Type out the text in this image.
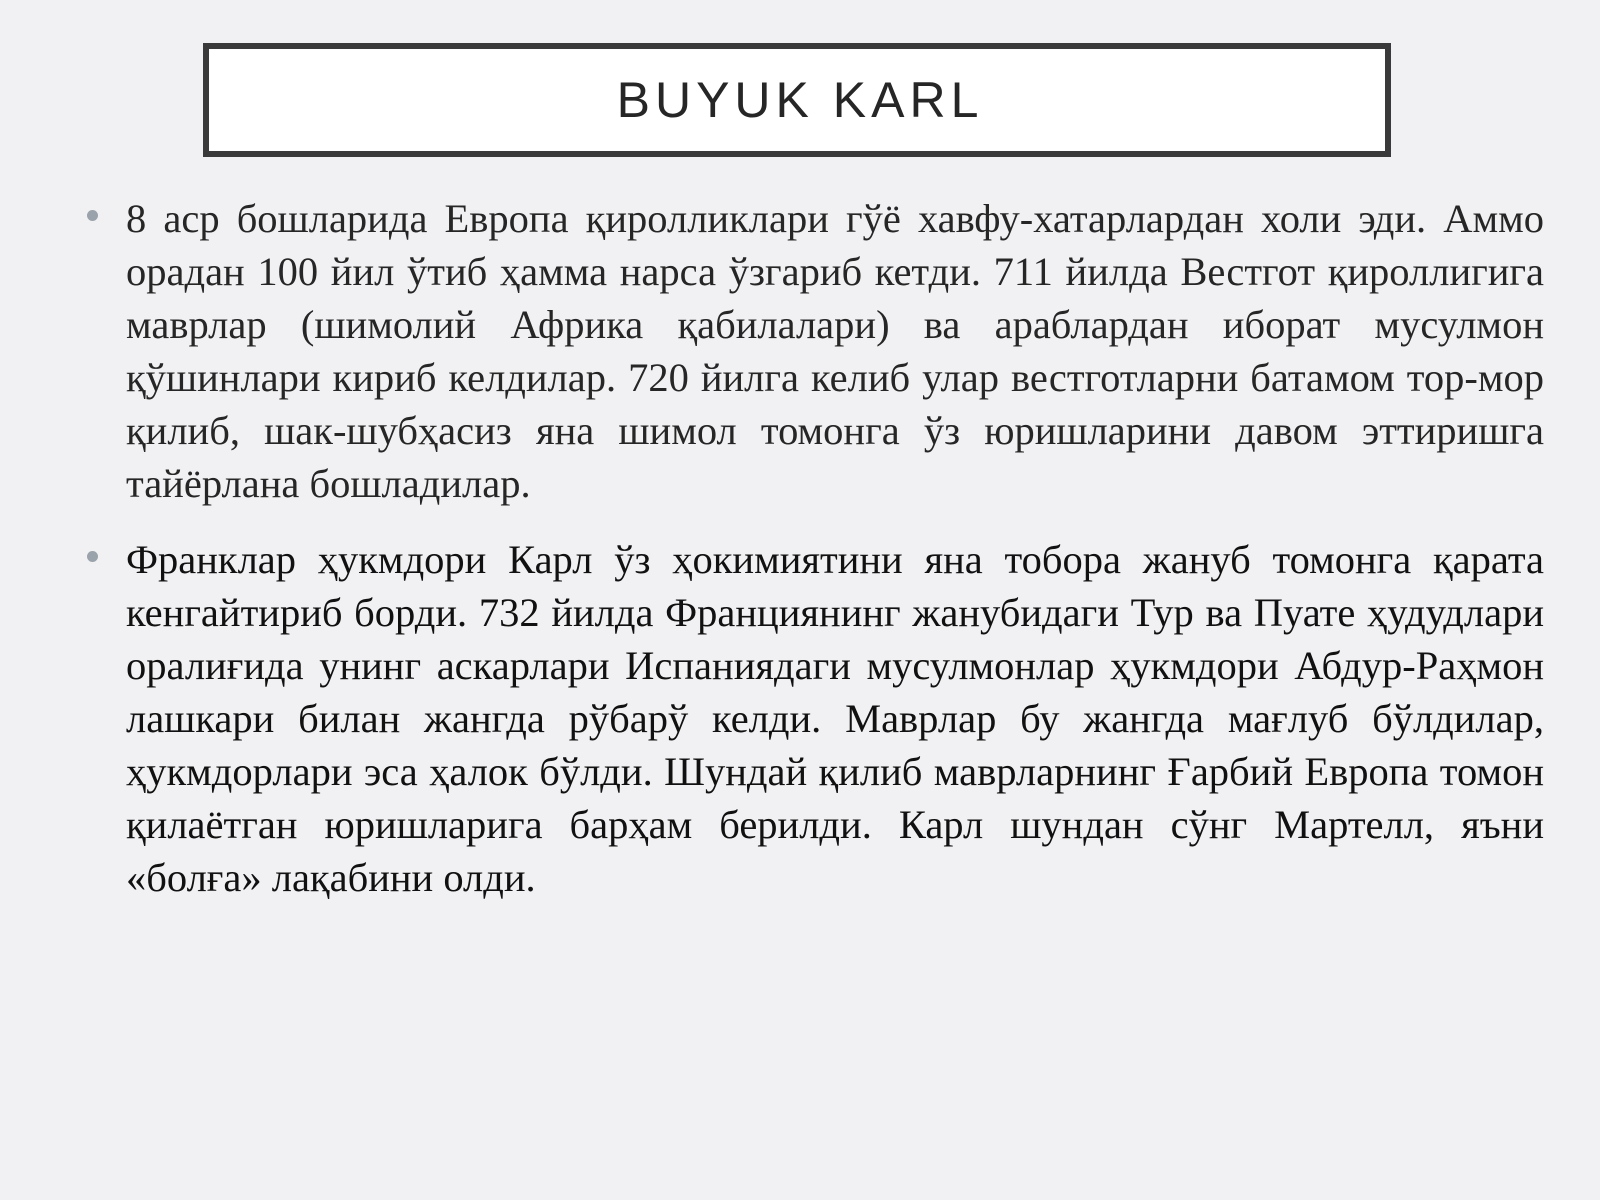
BUYUK KARL

8 аср бошларида Европа қиролликлари гўё хавфу-хатарлардан холи эди. Аммо орадан 100 йил ўтиб ҳамма нарса ўзгариб кетди. 711 йилда Вестгот қироллигига маврлар (шимолий Африка қабилалари) ва араблардан иборат мусулмон қўшинлари кириб келдилар. 720 йилга келиб улар вестготларни батамом тор-мор қилиб, шак-шубҳасиз яна шимол томонга ўз юришларини давом эттиришга тайёрлана бошладилар.

Франклар ҳукмдори Карл ўз ҳокимиятини яна тобора жануб томонга қарата кенгайтириб борди. 732 йилда Франциянинг жанубидаги Тур ва Пуате ҳудудлари оралиғида унинг аскарлари Испаниядаги мусулмонлар ҳукмдори Абдур-Раҳмон лашкари билан жангда рўбарў келди. Маврлар бу жангда мағлуб бўлдилар, ҳукмдорлари эса ҳалок бўлди. Шундай қилиб маврларнинг Ғарбий Европа томон қилаётган юришларига барҳам берилди. Карл шундан сўнг Мартелл, яъни «болға» лақабини олди.
